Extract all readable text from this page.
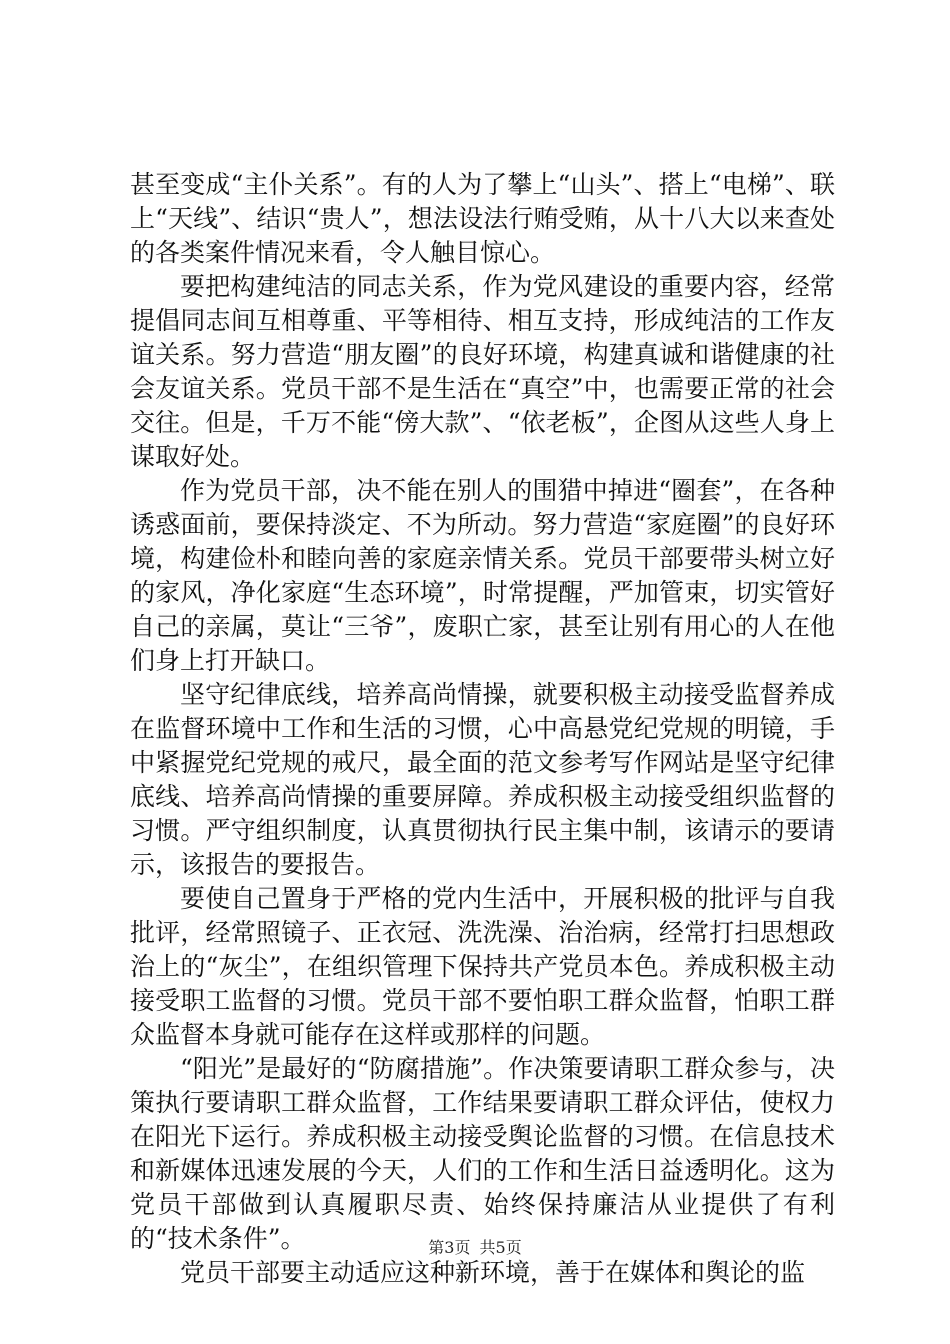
甚至变成“主仆关系”。有的人为了攀上“山头”、搭上“电梯”、联上“天线”、结识“贵人”，想法设法行贿受贿，从十八大以来查处的各类案件情况来看，令人触目惊心。

要把构建纯洁的同志关系，作为党风建设的重要内容，经常提倡同志间互相尊重、平等相待、相互支持，形成纯洁的工作友谊关系。努力营造“朋友圈”的良好环境，构建真诚和谐健康的社会友谊关系。党员干部不是生活在“真空”中，也需要正常的社会交往。但是，千万不能“傍大款”、“依老板”，企图从这些人身上谋取好处。

作为党员干部，决不能在别人的围猎中掉进“圈套”，在各种诱惑面前，要保持淡定、不为所动。努力营造“家庭圈”的良好环境，构建俭朴和睦向善的家庭亲情关系。党员干部要带头树立好的家风，净化家庭“生态环境”，时常提醒，严加管束，切实管好自己的亲属，莫让“三爷”，废职亡家，甚至让别有用心的人在他们身上打开缺口。

坚守纪律底线，培养高尚情操，就要积极主动接受监督养成在监督环境中工作和生活的习惯，心中高悬党纪党规的明镜，手中紧握党纪党规的戒尺，最全面的范文参考写作网站是坚守纪律底线、培养高尚情操的重要屏障。养成积极主动接受组织监督的习惯。严守组织制度，认真贯彻执行民主集中制，该请示的要请示，该报告的要报告。

要使自己置身于严格的党内生活中，开展积极的批评与自我批评，经常照镜子、正衣冠、洗洗澡、治治病，经常打扫思想政治上的“灰尘”，在组织管理下保持共产党员本色。养成积极主动接受职工监督的习惯。党员干部不要怕职工群众监督，怕职工群众监督本身就可能存在这样或那样的问题。

“阳光”是最好的“防腐措施”。作决策要请职工群众参与，决策执行要请职工群众监督，工作结果要请职工群众评估，使权力在阳光下运行。养成积极主动接受舆论监督的习惯。在信息技术和新媒体迅速发展的今天，人们的工作和生活日益透明化。这为党员干部做到认真履职尽责、始终保持廉洁从业提供了有利的“技术条件”。

党员干部要主动适应这种新环境，善于在媒体和舆论的监

第3页 共5页
